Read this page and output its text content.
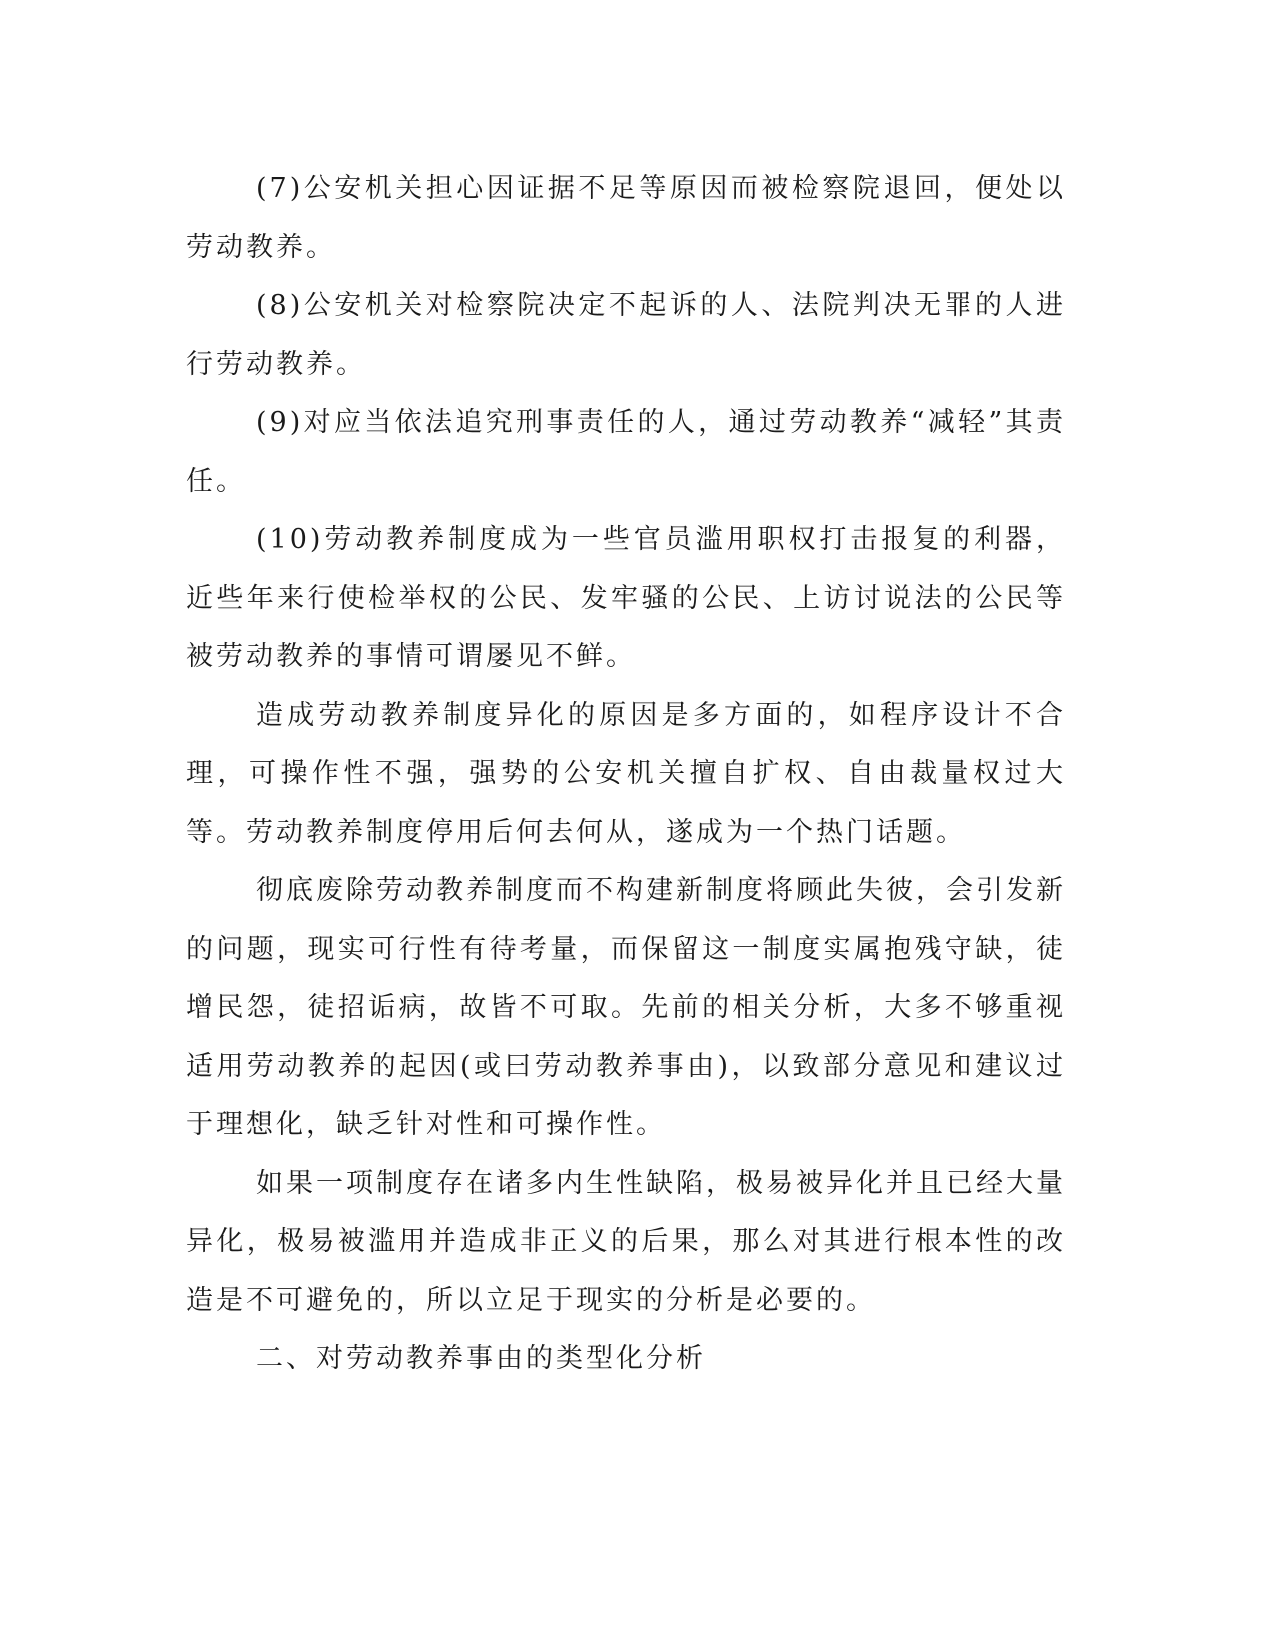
(7)公安机关担心因证据不足等原因而被检察院退回，便处以劳动教养。

(8)公安机关对检察院决定不起诉的人、法院判决无罪的人进行劳动教养。

(9)对应当依法追究刑事责任的人，通过劳动教养“减轻”其责任。

(10)劳动教养制度成为一些官员滥用职权打击报复的利器，近些年来行使检举权的公民、发牢骚的公民、上访讨说法的公民等被劳动教养的事情可谓屡见不鲜。

造成劳动教养制度异化的原因是多方面的，如程序设计不合理，可操作性不强，强势的公安机关擅自扩权、自由裁量权过大等。劳动教养制度停用后何去何从，遂成为一个热门话题。

彻底废除劳动教养制度而不构建新制度将顾此失彼，会引发新的问题，现实可行性有待考量，而保留这一制度实属抱残守缺，徒增民怨，徒招诟病，故皆不可取。先前的相关分析，大多不够重视适用劳动教养的起因(或曰劳动教养事由)，以致部分意见和建议过于理想化，缺乏针对性和可操作性。

如果一项制度存在诸多内生性缺陷，极易被异化并且已经大量异化，极易被滥用并造成非正义的后果，那么对其进行根本性的改造是不可避免的，所以立足于现实的分析是必要的。

二、对劳动教养事由的类型化分析
